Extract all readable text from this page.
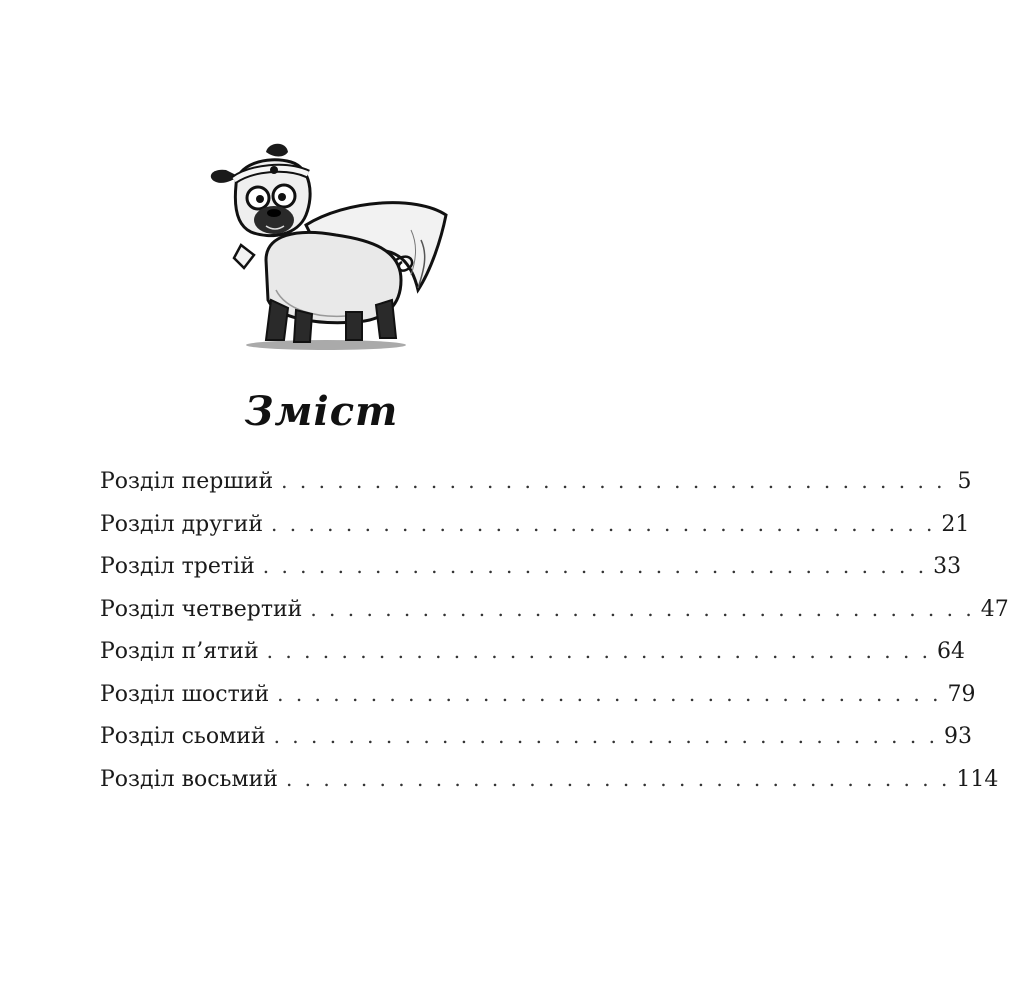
Зміст
Розділ перший . . . . . . . . . . . . . . . . . . . . . . . . . . . . . . . . . . . . 5
Розділ другий . . . . . . . . . . . . . . . . . . . . . . . . . . . . . . . . . . . . 21
Розділ третій . . . . . . . . . . . . . . . . . . . . . . . . . . . . . . . . . . . . 33
Розділ четвертий . . . . . . . . . . . . . . . . . . . . . . . . . . . . . . . . . . . . 47
Розділ п’ятий . . . . . . . . . . . . . . . . . . . . . . . . . . . . . . . . . . . . 64
Розділ шостий . . . . . . . . . . . . . . . . . . . . . . . . . . . . . . . . . . . . 79
Розділ сьомий . . . . . . . . . . . . . . . . . . . . . . . . . . . . . . . . . . . . 93
Розділ восьмий . . . . . . . . . . . . . . . . . . . . . . . . . . . . . . . . . . . . 114
